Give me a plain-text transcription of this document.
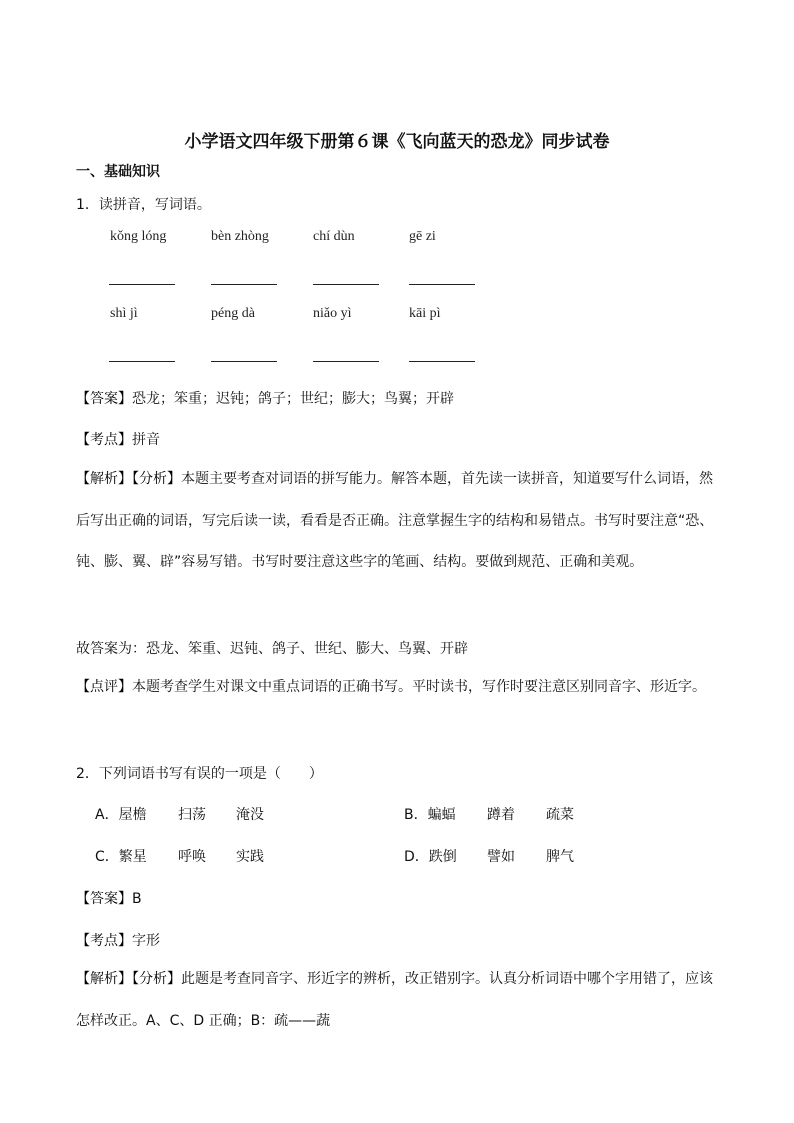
小学语文四年级下册第６课《飞向蓝天的恐龙》同步试卷
一、基础知识
1．读拼音，写词语。
kǒng lóng	bèn zhòng	chí dùn	gē zi
shì jì	péng dà	niǎo yì	kāi pì
【答案】恐龙；笨重；迟钝；鸽子；世纪；膨大；鸟翼；开辟
【考点】拼音
【解析】【分析】本题主要考查对词语的拼写能力。解答本题，首先读一读拼音，知道要写什么词语，然后写出正确的词语，写完后读一读，看看是否正确。注意掌握生字的结构和易错点。书写时要注意“恐、钝、膨、翼、辟”容易写错。书写时要注意这些字的笔画、结构。要做到规范、正确和美观。
故答案为：恐龙、笨重、迟钝、鸽子、世纪、膨大、鸟翼、开辟
【点评】本题考查学生对课文中重点词语的正确书写。平时读书，写作时要注意区别同音字、形近字。
2．下列词语书写有误的一项是（　　）
A．屋檐 扫荡 淹没	B．蝙蝠 蹲着 疏菜
C．繁星 呼唤 实践	D．跌倒 譬如 脾气
【答案】B
【考点】字形
【解析】【分析】此题是考查同音字、形近字的辨析，改正错别字。认真分析词语中哪个字用错了，应该怎样改正。A、C、D 正确；B：疏——蔬
